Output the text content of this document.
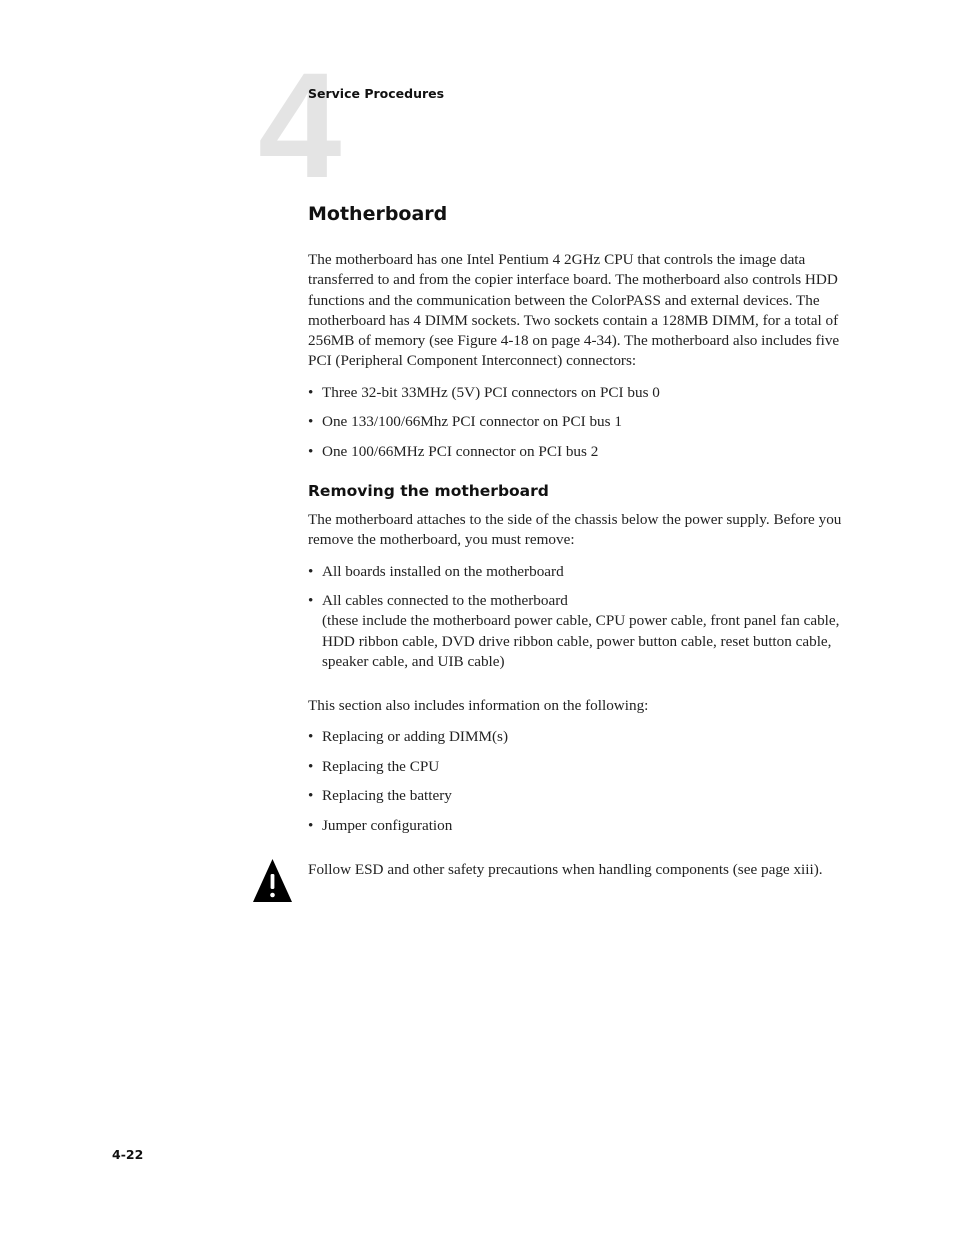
4
Service Procedures
Motherboard
The motherboard has one Intel Pentium 4 2GHz CPU that controls the image data transferred to and from the copier interface board. The motherboard also controls HDD functions and the communication between the ColorPASS and external devices. The motherboard has 4 DIMM sockets. Two sockets contain a 128MB DIMM, for a total of 256MB of memory (see Figure 4-18 on page 4-34). The motherboard also includes five PCI (Peripheral Component Interconnect) connectors:
• Three 32-bit 33MHz (5V) PCI connectors on PCI bus 0
• One 133/100/66Mhz PCI connector on PCI bus 1
• One 100/66MHz PCI connector on PCI bus 2
Removing the motherboard
The motherboard attaches to the side of the chassis below the power supply. Before you remove the motherboard, you must remove:
• All boards installed on the motherboard
• All cables connected to the motherboard
(these include the motherboard power cable, CPU power cable, front panel fan cable, HDD ribbon cable, DVD drive ribbon cable, power button cable, reset button cable, speaker cable, and UIB cable)
This section also includes information on the following:
• Replacing or adding DIMM(s)
• Replacing the CPU
• Replacing the battery
• Jumper configuration
Follow ESD and other safety precautions when handling components (see page xiii).
4-22
